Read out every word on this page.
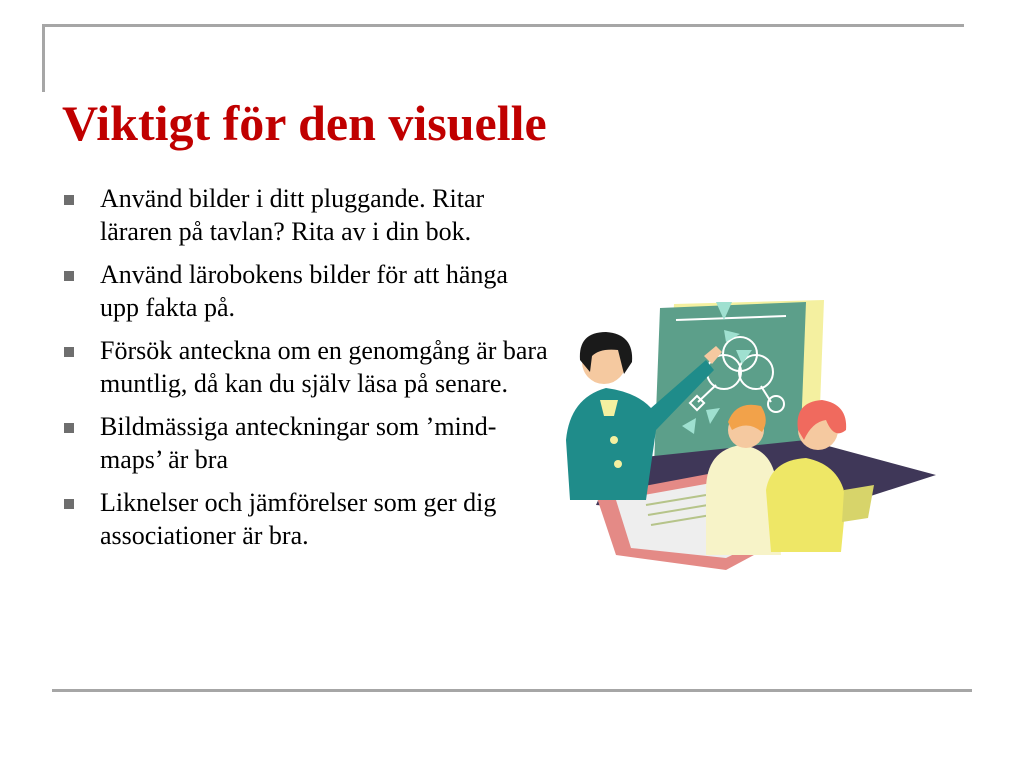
Viktigt för den visuelle
Använd bilder i ditt pluggande. Ritar läraren på tavlan? Rita av i din bok.
Använd lärobokens bilder för att hänga upp fakta på.
Försök anteckna om en genomgång är bara muntlig, då kan du själv läsa på senare.
Bildmässiga anteckningar som ’mind-maps’ är bra
Liknelser och jämförelser som ger dig associationer är bra.
